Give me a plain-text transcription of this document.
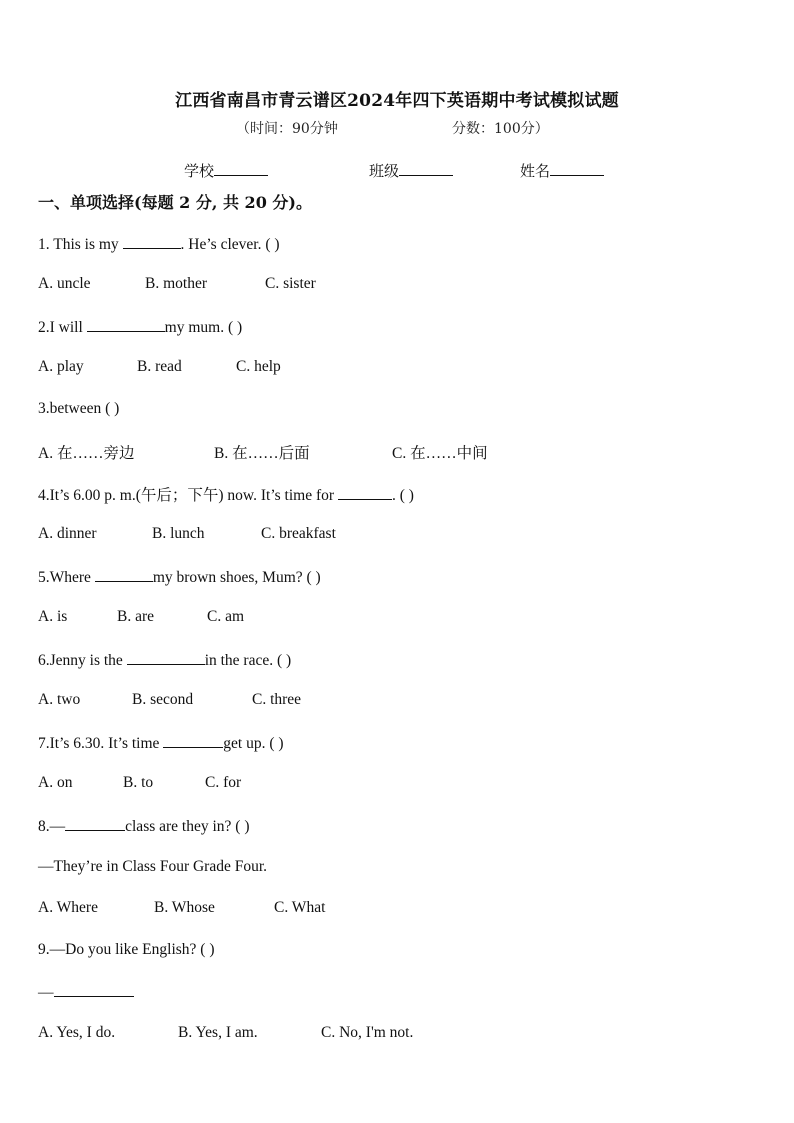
江西省南昌市青云谱区2024年四下英语期中考试模拟试题
（时间：90分钟	分数：100分）
学校	班级	姓名
一、单项选择(每题 2 分, 共 20 分)。
1. This is my	. He’s clever. ( )
A. uncle	B. mother	C. sister
2.I will	my mum. ( )
A. play	B. read	C. help
3.between ( )
A. 在……旁边	B. 在……后面	C. 在……中间
4.It’s 6.00 p. m.(午后；下午) now. It’s time for	. ( )
A. dinner	B. lunch	C. breakfast
5.Where	my brown shoes, Mum? ( )
A. is	B. are	C. am
6.Jenny is the	in the race. ( )
A. two	B. second	C. three
7.It’s 6.30. It’s time	get up. ( )
A. on	B. to	C. for
8.—	class are they in? ( )
—They’re in Class Four Grade Four.
A. Where	B. Whose	C. What
9.—Do you like English? ( )
—
A. Yes, I do.	B. Yes, I am.	C. No, I'm not.
